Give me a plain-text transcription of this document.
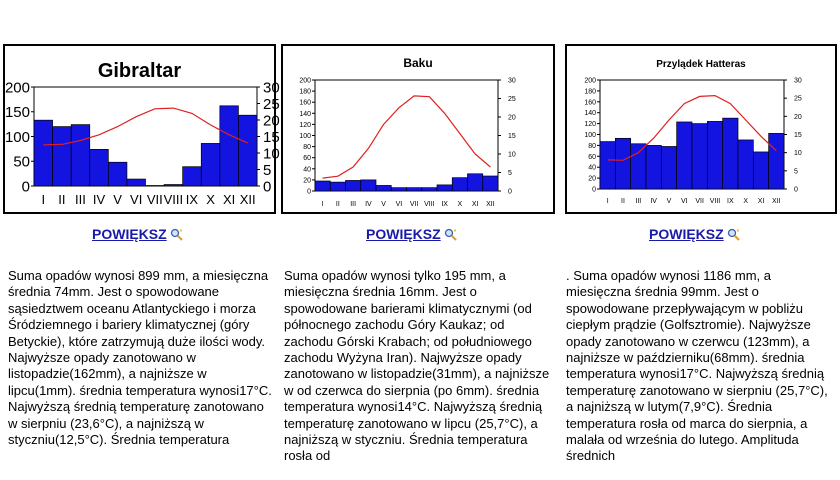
Gibraltar
0
50
100
150
200
0
5
10
15
20
25
30
I II III IV V VI VII VIII IX X XI XII
Baku
0
20
40
60
80
100
120
140
160
180
200
0
5
10
15
20
25
30
I II III IV V VI VII VIII IX X XI XII
Przylądek Hatteras
0
20
40
60
80
100
120
140
160
180
200
0
5
10
15
20
25
30
I II III IV V VI VII VIII IX X XI XII
POWIĘKSZ	POWIĘKSZ	POWIĘKSZ
Suma opadów wynosi 899 mm, a miesięczna średnia 74mm. Jest o spowodowane sąsiedztwem oceanu Atlantyckiego i morza Śródziemnego i bariery klimatycznej (góry Betyckie), które zatrzymują duże ilości wody. Najwyższe opady zanotowano w listopadzie(162mm), a najniższe w lipcu(1mm). średnia temperatura wynosi17°C. Najwyższą średnią temperaturę zanotowano w sierpniu (23,6°C), a najniższą w styczniu(12,5°C). Średnia temperatura
Suma opadów wynosi tylko 195 mm, a miesięczna średnia 16mm. Jest o spowodowane barierami klimatycznymi (od północnego zachodu Góry Kaukaz; od zachodu Górski Krabach; od południowego zachodu Wyżyna Iran). Najwyższe opady zanotowano w listopadzie(31mm), a najniższe w od czerwca do sierpnia (po 6mm). średnia temperatura wynosi14°C. Najwyższą średnią temperaturę zanotowano w lipcu (25,7°C), a najniższą w styczniu. Średnia temperatura rosła od
. Suma opadów wynosi 1186 mm, a miesięczna średnia 99mm. Jest o spowodowane przepływającym w pobliżu ciepłym prądzie (Golfsztromie). Najwyższe opady zanotowano w czerwcu (123mm), a najniższe w październiku(68mm). średnia temperatura wynosi17°C. Najwyższą średnią temperaturę zanotowano w sierpniu (25,7°C), a najniższą w lutym(7,9°C). Średnia temperatura rosła od marca do sierpnia, a malała od września do lutego. Amplituda średnich
